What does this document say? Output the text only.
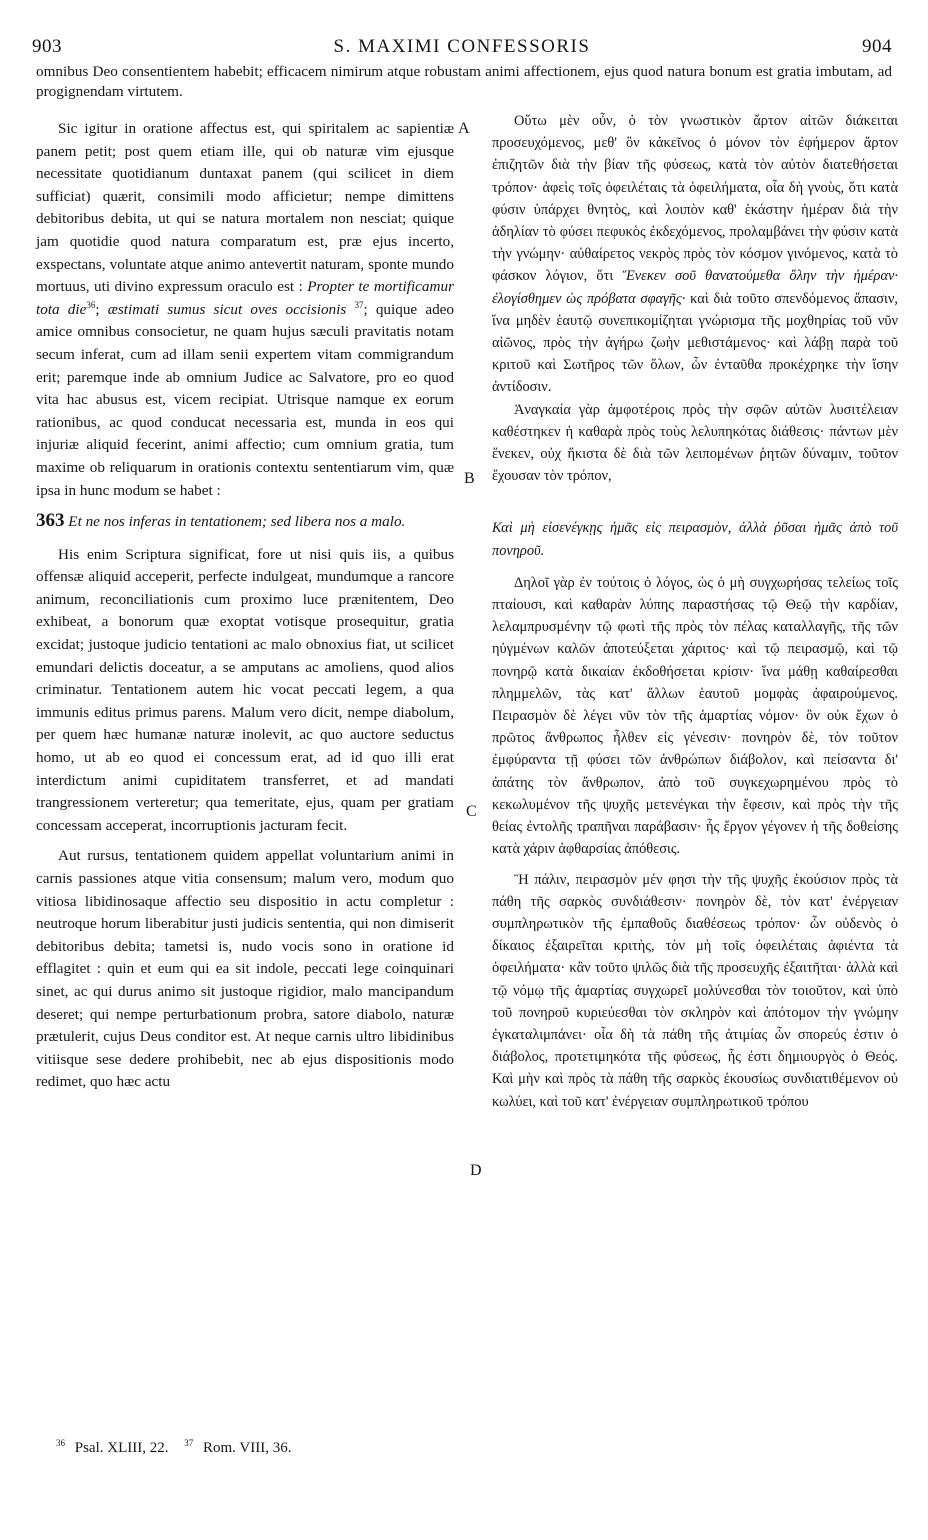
903	S. MAXIMI CONFESSORIS	904
omnibus Deo consentientem habebit; efficacem nimirum atque robustam animi affectionem, ejus quod natura bonum est gratia imbutam, ad progignendam virtutem.
A
B
C
D

Sic igitur in oratione affectus est, qui spiritalem ac sapientiæ panem petit; post quem etiam ille, qui ob naturæ vim ejusque necessitate quotidianum duntaxat panem (qui scilicet in diem sufficiat) quærit, consimili modo afficietur; nempe dimittens debitoribus debita, ut qui se natura mortalem non nesciat; quique jam quotidie quod natura comparatum est, præ ejus incerto, exspectans, voluntate atque animo antevertit naturam, sponte mundo mortuus, uti divino expressum oraculo est : Propter te mortificamur tota die$^{36}$; æstimati sumus sicut oves occisionis $^{37}$; quique adeo amice omnibus consocietur, ne quam hujus sæculi pravitatis notam secum inferat, cum ad illam senii expertem vitam commigrandum erit; paremque inde ab omnium Judice ac Salvatore, pro eo quod vita hac abusus est, vicem recipiat. Utrisque namque ex eorum rationibus, ac quod conducat necessaria est, munda in eos qui injuriæ aliquid fecerint, animi affectio; cum omnium gratia, tum maxime ob reliquarum in orationis contextu sententiarum vim, quæ ipsa in hunc modum se habet :

363 Et ne nos inferas in tentationem; sed libera nos a malo.

His enim Scriptura significat, fore ut nisi quis iis, a quibus offensæ aliquid acceperit, perfecte indulgeat, mundumque a rancore animum, reconciliationis cum proximo luce prænitentem, Deo exhibeat, a bonorum quæ exoptat votisque prosequitur, gratia excidat; justoque judicio tentationi ac malo obnoxius fiat, ut scilicet emundari delictis doceatur, a se amputans ac amoliens, quod alios criminatur. Tentationem autem hic vocat peccati legem, a qua immunis editus primus parens. Malum vero dicit, nempe diabolum, per quem hæc humanæ naturæ inolevit, ac quo auctore seductus homo, ut ab eo quod ei concessum erat, ad id quo illi erat interdictum animi cupiditatem transferret, et ad mandati trangressionem verteretur; qua temeritate, ejus, quam per gratiam concessam acceperat, incorruptionis jacturam fecit.

Aut rursus, tentationem quidem appellat voluntarium animi in carnis passiones atque vitia consensum; malum vero, modum quo vitiosa libidinosaque affectio seu dispositio in actu completur : neutroque horum liberabitur justi judicis sententia, qui non dimiserit debitoribus debita; tametsi is, nudo vocis sono in oratione id efflagitet : quin et eum qui ea sit indole, peccati lege coinquinari sinet, ac qui durus animo sit justoque rigidior, malo mancipandum deseret; qui nempe perturbationum probra, satore diabolo, naturæ prætulerit, cujus Deus conditor est. At neque carnis ultro libidinibus vitiisque sese dedere prohibebit, nec ab ejus dispositionis modo redimet, quo hæc actu

Οὕτω μὲν οὖν, ὁ τὸν γνωστικὸν ἄρτον αἰτῶν διάκειται προσευχόμενος, μεθ' ὃν κἀκεῖνος ὁ μόνον τὸν ἐφήμερον ἄρτον ἐπιζητῶν διὰ τὴν βίαν τῆς φύσεως, κατὰ τὸν αὐτὸν διατεθήσεται τρόπον· ἀφεὶς τοῖς ὀφειλέταις τὰ ὀφειλήματα, οἷα δὴ γνοὺς, ὅτι κατὰ φύσιν ὑπάρχει θνητὸς, καὶ λοιπὸν καθ' ἑκάστην ἡμέραν διὰ τὴν ἀδηλίαν τὸ φύσει πεφυκὸς ἐκδεχόμενος, προλαμβάνει τὴν φύσιν κατὰ τὴν γνώμην· αὐθαίρετος νεκρὸς πρὸς τὸν κόσμον γινόμενος, κατὰ τὸ φάσκον λόγιον, ὅτι Ἕνεκεν σοῦ θανατούμεθα ὅλην τὴν ἡμέραν· ἐλογίσθημεν ὡς πρόβατα σφαγῆς· καὶ διὰ τοῦτο σπενδόμενος ἅπασιν, ἵνα μηδὲν ἑαυτῷ συνεπικομίζηται γνώρισμα τῆς μοχθηρίας τοῦ νῦν αἰῶνος, πρὸς τὴν ἀγήρω ζωὴν μεθιστάμενος· καὶ λάβῃ παρὰ τοῦ κριτοῦ καὶ Σωτῆρος τῶν ὅλων, ὧν ἐνταῦθα προκέχρηκε τὴν ἴσην ἀντίδοσιν.

Ἀναγκαία γὰρ ἀμφοτέροις πρὸς τὴν σφῶν αὐτῶν λυσιτέλειαν καθέστηκεν ἡ καθαρὰ πρὸς τοὺς λελυπηκότας διάθεσις· πάντων μὲν ἕνεκεν, οὐχ ἥκιστα δὲ διὰ τῶν λειπομένων ῥητῶν δύναμιν, τοῦτον ἔχουσαν τὸν τρόπον,

Καὶ μὴ εἰσενέγκῃς ἡμᾶς εἰς πειρασμὸν, ἀλλὰ ῥῦσαι ἡμᾶς ἀπὸ τοῦ πονηροῦ.

Δηλοῖ γὰρ ἐν τούτοις ὁ λόγος, ὡς ὁ μὴ συγχωρήσας τελείως τοῖς πταίουσι, καὶ καθαρὰν λύπης παραστήσας τῷ Θεῷ τὴν καρδίαν, λελαμπρυσμένην τῷ φωτὶ τῆς πρὸς τὸν πέλας καταλλαγῆς, τῆς τῶν ηὐγμένων καλῶν ἀποτεύξεται χάριτος· καὶ τῷ πειρασμῷ, καὶ τῷ πονηρῷ κατὰ δικαίαν ἐκδοθήσεται κρίσιν· ἵνα μάθῃ καθαίρεσθαι πλημμελῶν, τὰς κατ' ἄλλων ἑαυτοῦ μομφὰς ἀφαιρούμενος. Πειρασμὸν δὲ λέγει νῦν τὸν τῆς ἁμαρτίας νόμον· ὃν οὐκ ἔχων ὁ πρῶτος ἄνθρωπος ἦλθεν εἰς γένεσιν· πονηρὸν δὲ, τὸν τοῦτον ἐμφύραντα τῇ φύσει τῶν ἀνθρώπων διάβολον, καὶ πείσαντα δι' ἀπάτης τὸν ἄνθρωπον, ἀπὸ τοῦ συγκεχωρημένου πρὸς τὸ κεκωλυμένον τῆς ψυχῆς μετενέγκαι τὴν ἔφεσιν, καὶ πρὸς τὴν τῆς θείας ἐντολῆς τραπῆναι παράβασιν· ἧς ἔργον γέγονεν ἡ τῆς δοθείσης κατὰ χάριν ἀφθαρσίας ἀπόθεσις.

Ἢ πάλιν, πειρασμὸν μέν φησι τὴν τῆς ψυχῆς ἑκούσιον πρὸς τὰ πάθη τῆς σαρκὸς συνδιάθεσιν· πονηρὸν δὲ, τὸν κατ' ἐνέργειαν συμπληρωτικὸν τῆς ἐμπαθοῦς διαθέσεως τρόπον· ὧν οὐδενὸς ὁ δίκαιος ἐξαιρεῖται κριτὴς, τὸν μὴ τοῖς ὀφειλέταις ἀφιέντα τὰ ὀφειλήματα· κἂν τοῦτο ψιλῶς διὰ τῆς προσευχῆς ἐξαιτῆται· ἀλλὰ καὶ τῷ νόμῳ τῆς ἁμαρτίας συγχωρεῖ μολύνεσθαι τὸν τοιοῦτον, καὶ ὑπὸ τοῦ πονηροῦ κυριεύεσθαι τὸν σκληρὸν καὶ ἀπότομον τὴν γνώμην ἐγκαταλιμπάνει· οἷα δὴ τὰ πάθη τῆς ἀτιμίας ὧν σπορεύς ἐστιν ὁ διάβολος, προτετιμηκότα τῆς φύσεως, ἧς ἐστι δημιουργὸς ὁ Θεός. Καὶ μὴν καὶ πρὸς τὰ πάθη τῆς σαρκὸς ἑκουσίως συνδιατιθέμενον οὐ κωλύει, καὶ τοῦ κατ' ἐνέργειαν συμπληρωτικοῦ τρόπου

$^{36}$ Psal. XLIII, 22. $^{37}$ Rom. VIII, 36.
